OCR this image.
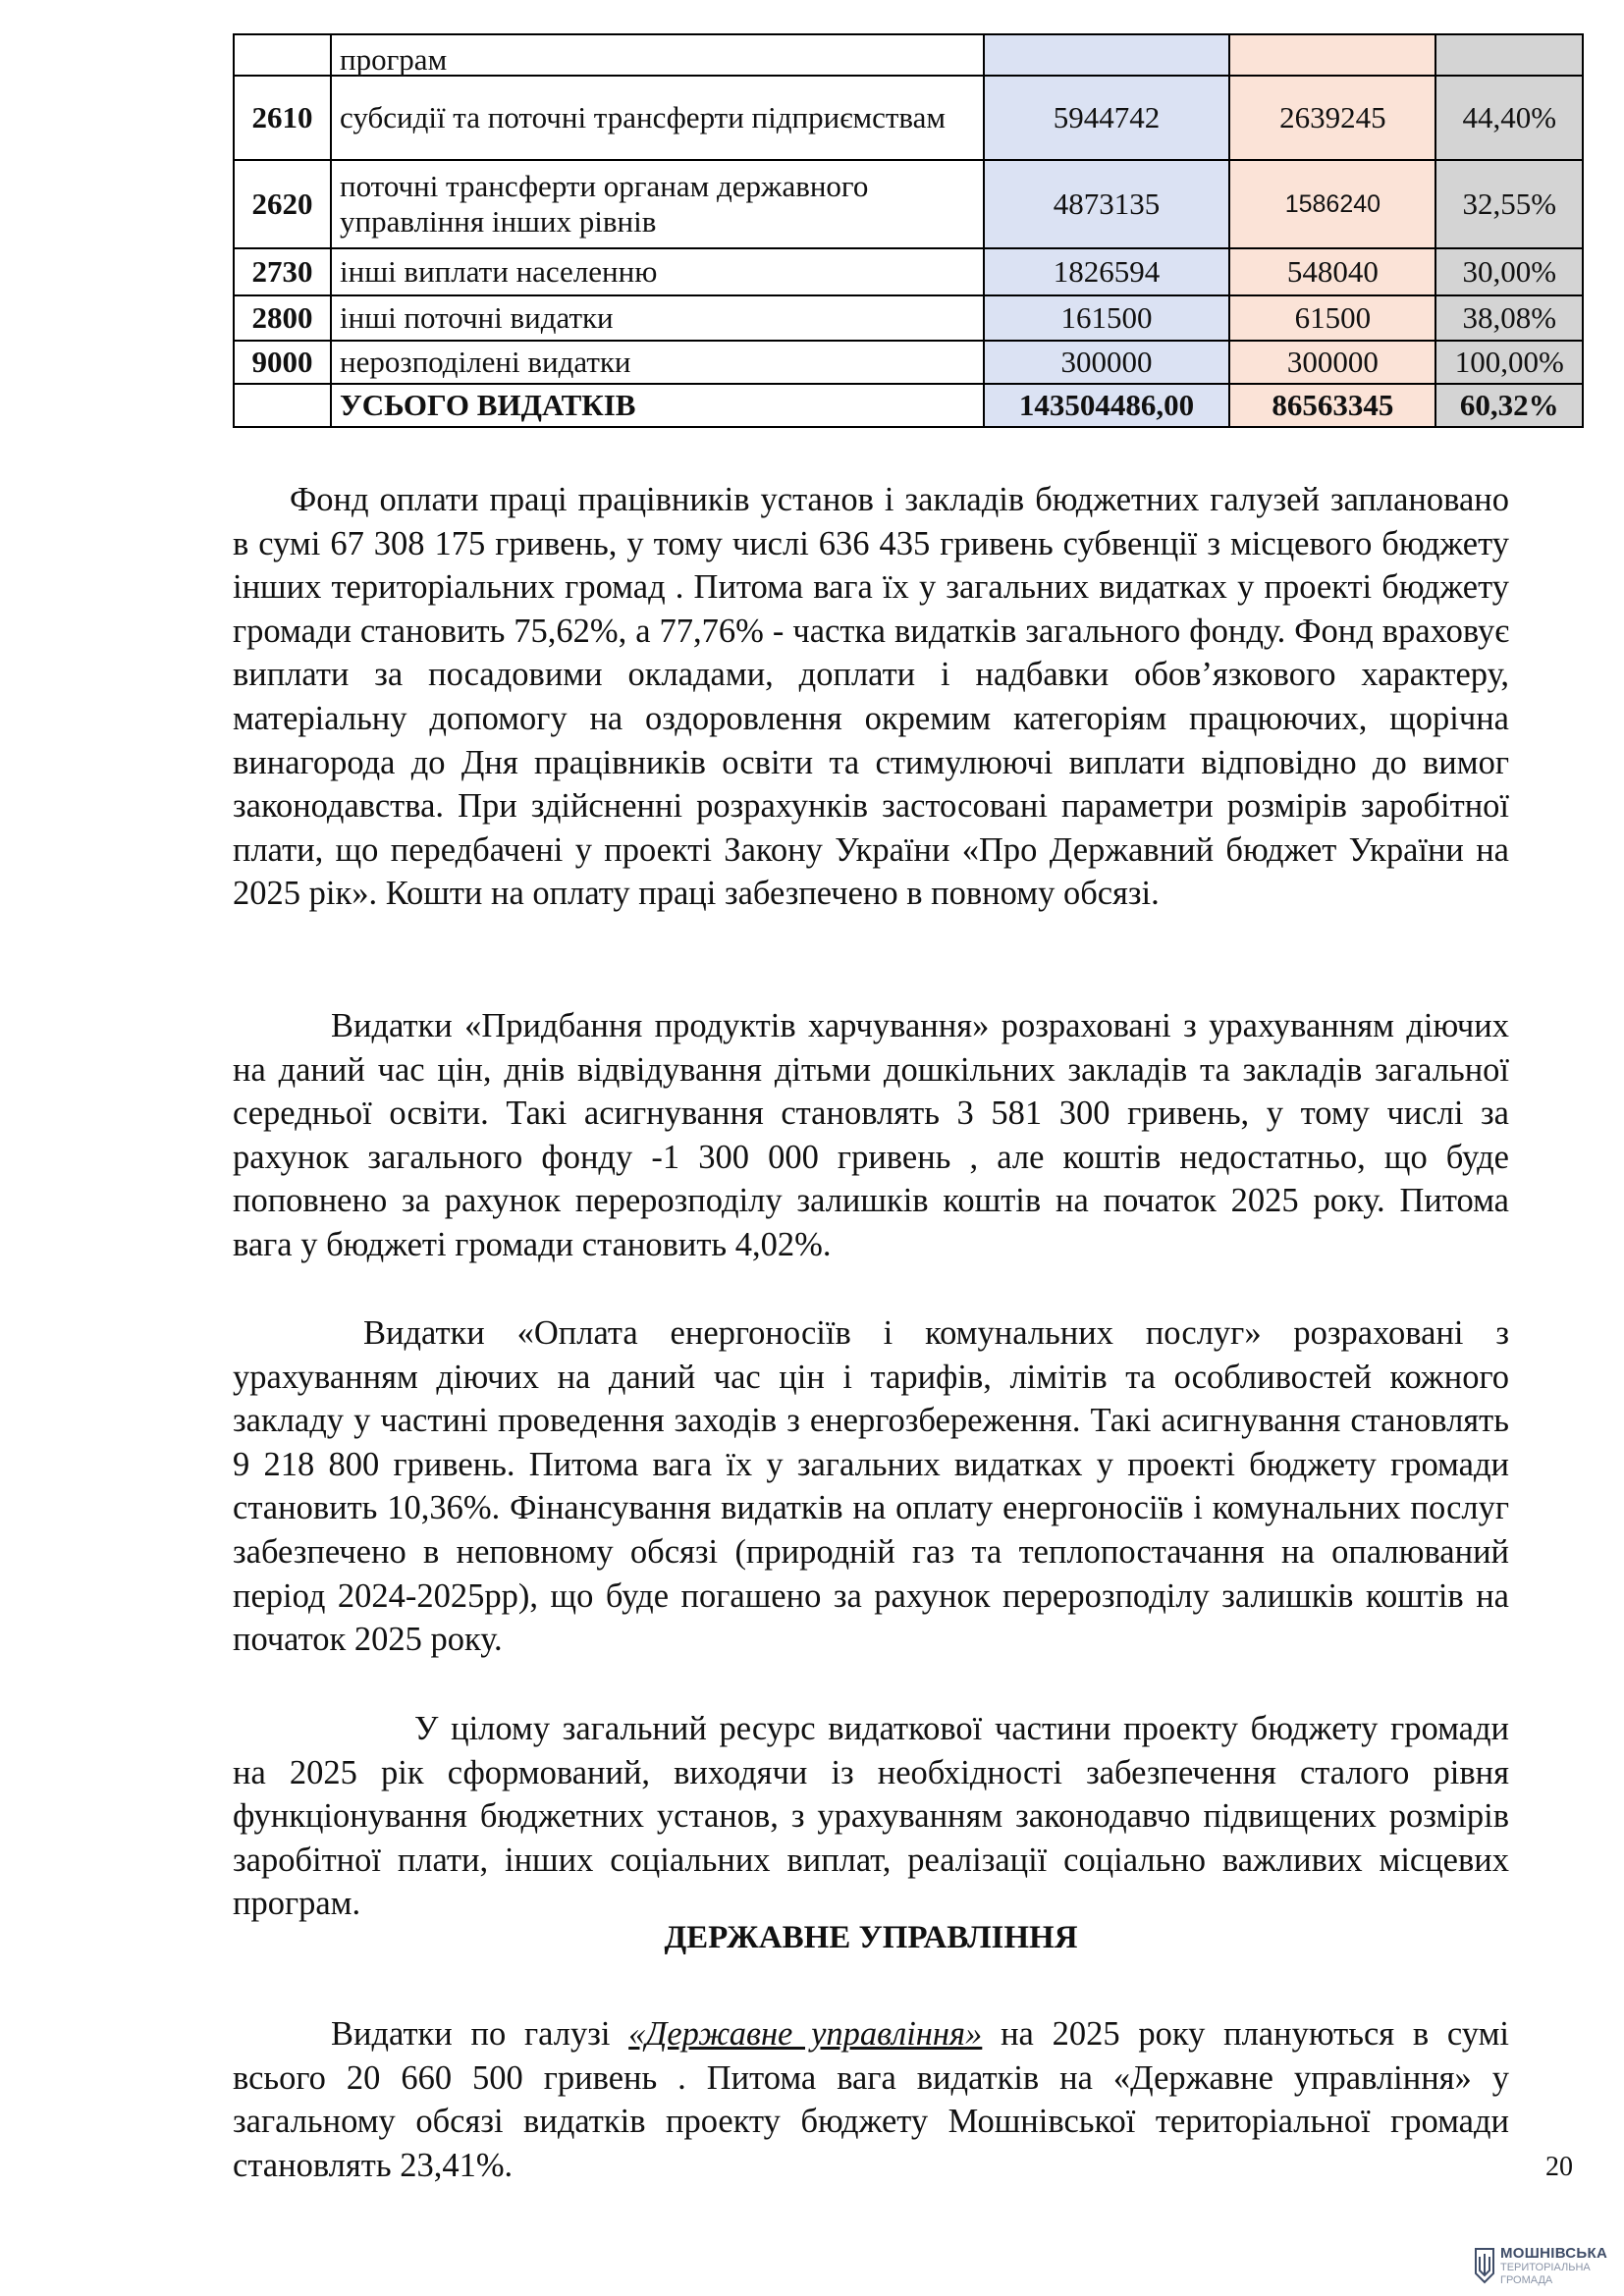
	програм			
2610	субсидії та поточні трансферти підприємствам	5944742	2639245	44,40%
2620	поточні трансферти органам державного управління інших рівнів	4873135	1586240	32,55%
2730	інші виплати населенню	1826594	548040	30,00%
2800	інші поточні видатки	161500	61500	38,08%
9000	нерозподілені видатки	300000	300000	100,00%
	УСЬОГО ВИДАТКІВ	143504486,00	86563345	60,32%

Фонд оплати праці працівників установ і закладів бюджетних галузей заплановано в сумі 67 308 175 гривень, у тому числі 636 435 гривень субвенції з місцевого бюджету інших територіальних громад . Питома вага їх у загальних видатках у проекті бюджету громади становить 75,62%, а 77,76% - частка видатків загального фонду. Фонд враховує виплати за посадовими окладами, доплати і надбавки обов’язкового характеру, матеріальну допомогу на оздоровлення окремим категоріям працюючих, щорічна винагорода до Дня працівників освіти та стимулюючі виплати відповідно до вимог законодавства. При здійсненні розрахунків застосовані параметри розмірів заробітної плати, що передбачені у проекті Закону України «Про Державний бюджет України на 2025 рік». Кошти на оплату праці забезпечено в повному обсязі.

Видатки «Придбання продуктів харчування» розраховані з урахуванням діючих на даний час цін, днів відвідування дітьми дошкільних закладів та закладів загальної середньої освіти. Такі асигнування становлять 3 581 300 гривень, у тому числі за рахунок загального фонду -1 300 000 гривень , але коштів недостатньо, що буде поповнено за рахунок перерозподілу залишків коштів на початок 2025 року. Питома вага у бюджеті громади становить 4,02%.

Видатки «Оплата енергоносіїв і комунальних послуг» розраховані з урахуванням діючих на даний час цін і тарифів, лімітів та особливостей кожного закладу у частині проведення заходів з енергозбереження. Такі асигнування становлять 9 218 800 гривень. Питома вага їх у загальних видатках у проекті бюджету громади становить 10,36%. Фінансування видатків на оплату енергоносіїв і комунальних послуг забезпечено в неповному обсязі (природній газ та теплопостачання на опалюваний період 2024-2025рр), що буде погашено за рахунок перерозподілу залишків коштів на початок 2025 року.

У цілому загальний ресурс видаткової частини проекту бюджету громади на 2025 рік сформований, виходячи із необхідності забезпечення сталого рівня функціонування бюджетних установ, з урахуванням законодавчо підвищених розмірів заробітної плати, інших соціальних виплат, реалізації соціально важливих місцевих програм.

ДЕРЖАВНЕ УПРАВЛІННЯ

Видатки по галузі «Державне управління» на 2025 року плануються в сумі всього 20 660 500 гривень . Питома вага видатків на «Державне управління» у загальному обсязі видатків проекту бюджету Мошнівської територіальної громади становлять 23,41%.	20
МОШНІВСЬКА
ТЕРИТОРІАЛЬНА
ГРОМАДА
